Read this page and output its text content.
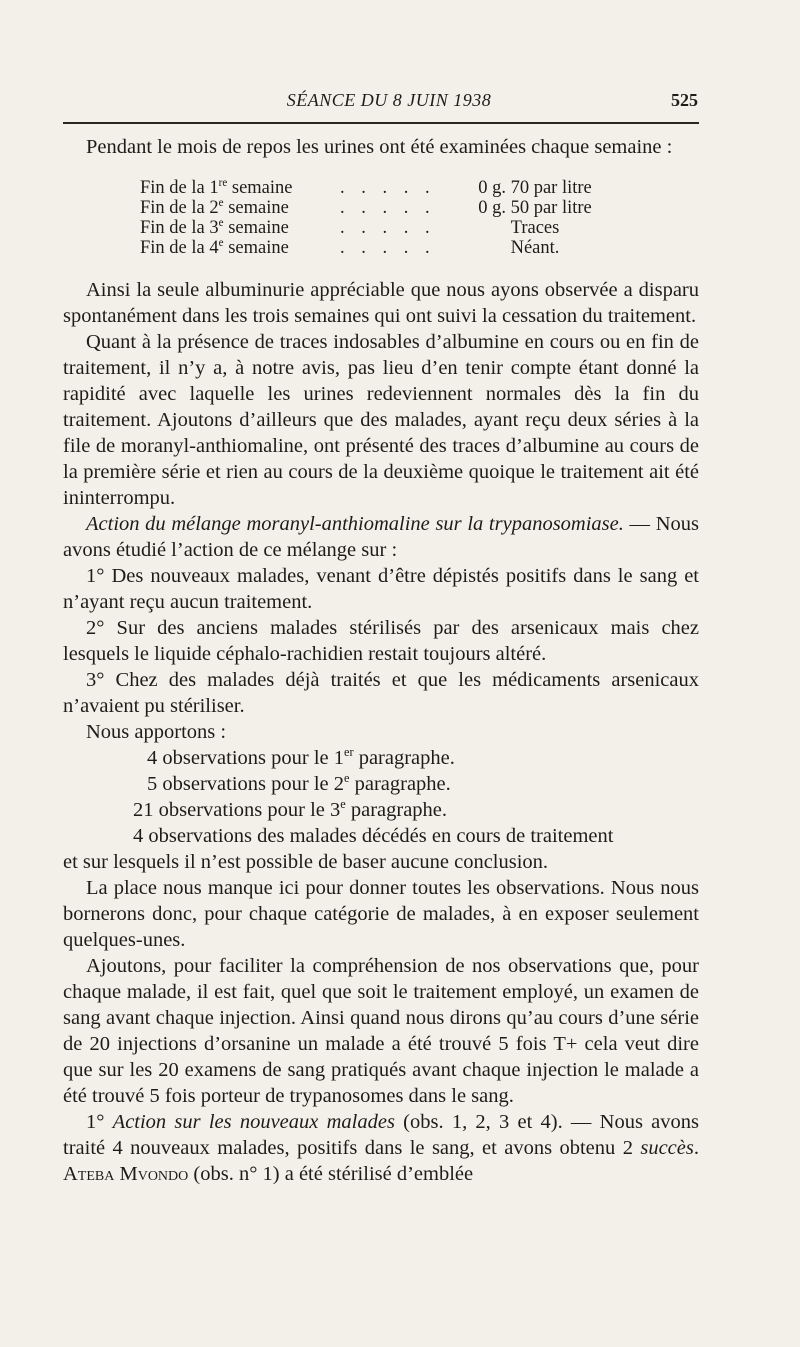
SÉANCE DU 8 JUIN 1938	525

Pendant le mois de repos les urines ont été examinées chaque semaine :

Fin de la 1re semaine	. . . . .	0 g. 70 par litre
Fin de la 2e semaine	. . . . .	0 g. 50 par litre
Fin de la 3e semaine	. . . . .	Traces
Fin de la 4e semaine	. . . . .	Néant.

Ainsi la seule albuminurie appréciable que nous ayons observée a disparu spontanément dans les trois semaines qui ont suivi la cessation du traitement.

Quant à la présence de traces indosables d’albumine en cours ou en fin de traitement, il n’y a, à notre avis, pas lieu d’en tenir compte étant donné la rapidité avec laquelle les urines redeviennent normales dès la fin du traitement. Ajoutons d’ailleurs que des malades, ayant reçu deux séries à la file de moranyl-anthiomaline, ont présenté des traces d’albumine au cours de la première série et rien au cours de la deuxième quoique le traitement ait été ininterrompu.

Action du mélange moranyl-anthiomaline sur la trypanosomiase. — Nous avons étudié l’action de ce mélange sur :

1° Des nouveaux malades, venant d’être dépistés positifs dans le sang et n’ayant reçu aucun traitement.

2° Sur des anciens malades stérilisés par des arsenicaux mais chez lesquels le liquide céphalo-rachidien restait toujours altéré.

3° Chez des malades déjà traités et que les médicaments arsenicaux n’avaient pu stériliser.

Nous apportons :

4 observations pour le 1er paragraphe.

5 observations pour le 2e paragraphe.

21 observations pour le 3e paragraphe.

4 observations des malades décédés en cours de traitement

et sur lesquels il n’est possible de baser aucune conclusion.

La place nous manque ici pour donner toutes les observations. Nous nous bornerons donc, pour chaque catégorie de malades, à en exposer seulement quelques-unes.

Ajoutons, pour faciliter la compréhension de nos observations que, pour chaque malade, il est fait, quel que soit le traitement employé, un examen de sang avant chaque injection. Ainsi quand nous dirons qu’au cours d’une série de 20 injections d’orsanine un malade a été trouvé 5 fois T+ cela veut dire que sur les 20 examens de sang pratiqués avant chaque injection le malade a été trouvé 5 fois porteur de trypanosomes dans le sang.

1° Action sur les nouveaux malades (obs. 1, 2, 3 et 4). — Nous avons traité 4 nouveaux malades, positifs dans le sang, et avons obtenu 2 succès. Ateba Mvondo (obs. n° 1) a été stérilisé d’emblée
